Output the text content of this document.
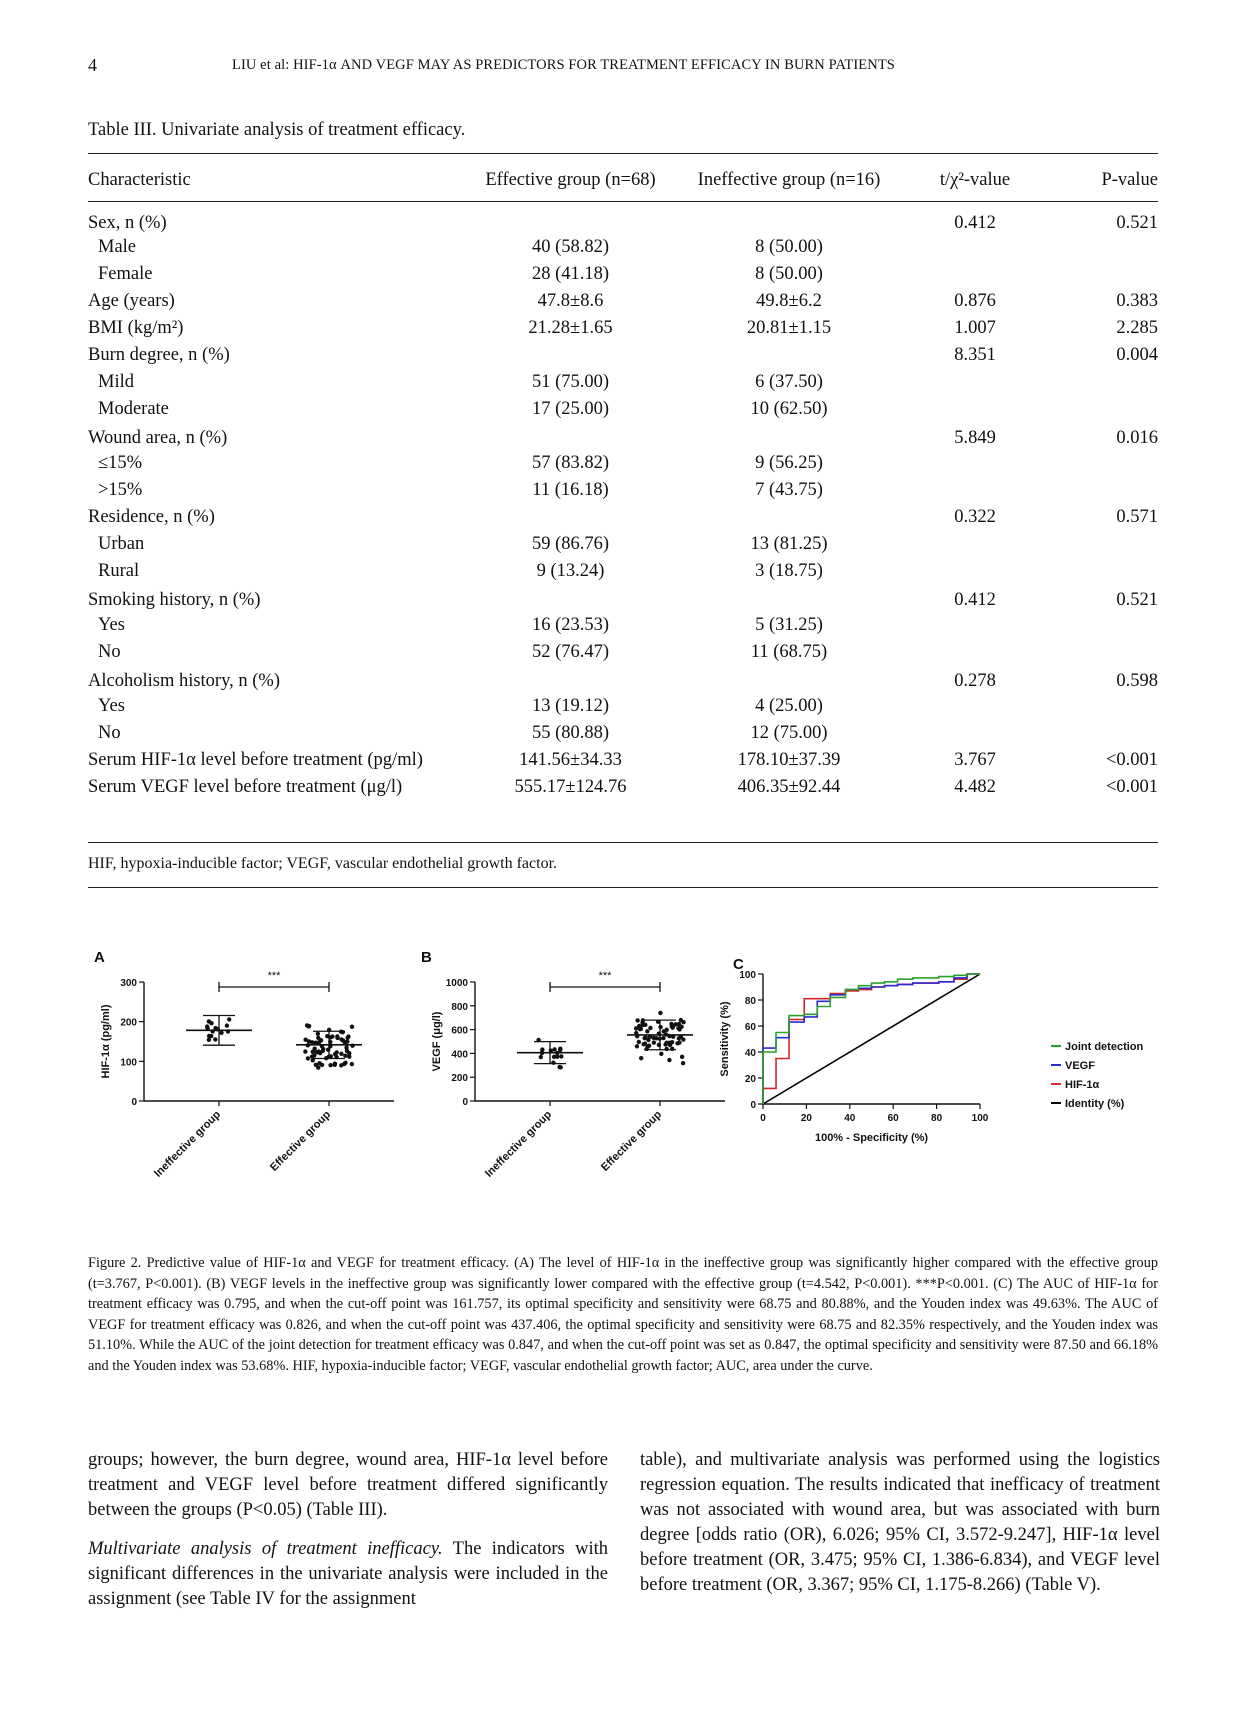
4	LIU et al: HIF-1α AND VEGF MAY AS PREDICTORS FOR TREATMENT EFFICACY IN BURN PATIENTS
Table III. Univariate analysis of treatment efficacy.
Characteristic	Effective group (n=68)	Ineffective group (n=16)	t/χ²-value	P-value
Sex, n (%)			0.412	0.521
Male	40 (58.82)	8 (50.00)		
Female	28 (41.18)	8 (50.00)		
Age (years)	47.8±8.6	49.8±6.2	0.876	0.383
BMI (kg/m²)	21.28±1.65	20.81±1.15	1.007	2.285
Burn degree, n (%)			8.351	0.004
Mild	51 (75.00)	6 (37.50)		
Moderate	17 (25.00)	10 (62.50)		
Wound area, n (%)			5.849	0.016
≤15%	57 (83.82)	9 (56.25)		
>15%	11 (16.18)	7 (43.75)		
Residence, n (%)			0.322	0.571
Urban	59 (86.76)	13 (81.25)		
Rural	9 (13.24)	3 (18.75)		
Smoking history, n (%)			0.412	0.521
Yes	16 (23.53)	5 (31.25)		
No	52 (76.47)	11 (68.75)		
Alcoholism history, n (%)			0.278	0.598
Yes	13 (19.12)	4 (25.00)		
No	55 (80.88)	12 (75.00)		
Serum HIF-1α level before treatment (pg/ml)	141.56±34.33	178.10±37.39	3.767	<0.001
Serum VEGF level before treatment (μg/l)	555.17±124.76	406.35±92.44	4.482	<0.001
HIF, hypoxia-inducible factor; VEGF, vascular endothelial growth factor.
A
0
100
200
300
HIF-1α (pg/ml)
Ineffective group	Effective group
***
B
0
200
400
600
800
1000
VEGF (μg/l)
Ineffective group	Effective group
***
C
0
20
40
60
80
100
0	20	40	60	80	100
100% - Specificity (%)
Sensitivity (%)	Joint detection
VEGF
HIF-1α
Identity (%)
Figure 2. Predictive value of HIF-1α and VEGF for treatment efficacy. (A) The level of HIF-1α in the ineffective group was significantly higher compared with the effective group (t=3.767, P<0.001). (B) VEGF levels in the ineffective group was significantly lower compared with the effective group (t=4.542, P<0.001). ***P<0.001. (C) The AUC of HIF-1α for treatment efficacy was 0.795, and when the cut-off point was 161.757, its optimal specificity and sensitivity were 68.75 and 80.88%, and the Youden index was 49.63%. The AUC of VEGF for treatment efficacy was 0.826, and when the cut-off point was 437.406, the optimal specificity and sensitivity were 68.75 and 82.35% respectively, and the Youden index was 51.10%. While the AUC of the joint detection for treatment efficacy was 0.847, and when the cut-off point was set as 0.847, the optimal specificity and sensitivity were 87.50 and 66.18% and the Youden index was 53.68%. HIF, hypoxia-inducible factor; VEGF, vascular endothelial growth factor; AUC, area under the curve.

groups; however, the burn degree, wound area, HIF-1α level before treatment and VEGF level before treatment differed significantly between the groups (P<0.05) (Table III).

Multivariate analysis of treatment inefficacy. The indicators with significant differences in the univariate analysis were included in the assignment (see Table IV for the assignment

table), and multivariate analysis was performed using the logistics regression equation. The results indicated that inefficacy of treatment was not associated with wound area, but was associated with burn degree [odds ratio (OR), 6.026; 95% CI, 3.572-9.247], HIF-1α level before treatment (OR, 3.475; 95% CI, 1.386-6.834), and VEGF level before treatment (OR, 3.367; 95% CI, 1.175-8.266) (Table V).
